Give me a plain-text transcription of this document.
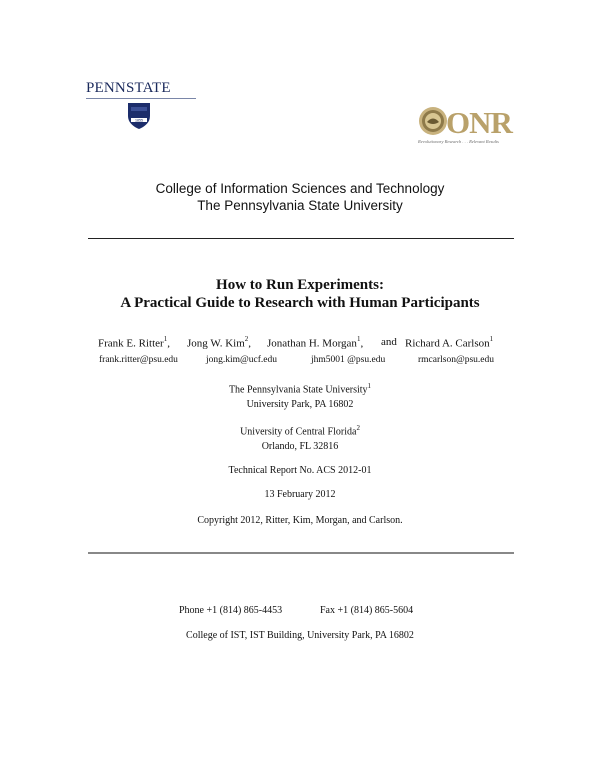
PENNSTATE
1855	ONR
Revolutionary Research . . . Relevant Results
College of Information Sciences and Technology
The Pennsylvania State University
How to Run Experiments:
A Practical Guide to Research with Human Participants
Frank E. Ritter$^1$, Jong W. Kim$^2$, Jonathan H. Morgan$^1$, and Richard A. Carlson$^1$
frank.ritter@psu.edu	jong.kim@ucf.edu	jhm5001 @psu.edu	rmcarlson@psu.edu
The Pennsylvania State University$^1$
University Park, PA 16802
University of Central Florida$^2$
Orlando, FL 32816
Technical Report No. ACS 2012-01
13 February 2012
Copyright 2012, Ritter, Kim, Morgan, and Carlson.
Phone +1 (814) 865-4453	Fax +1 (814) 865-5604
College of IST, IST Building, University Park, PA 16802
